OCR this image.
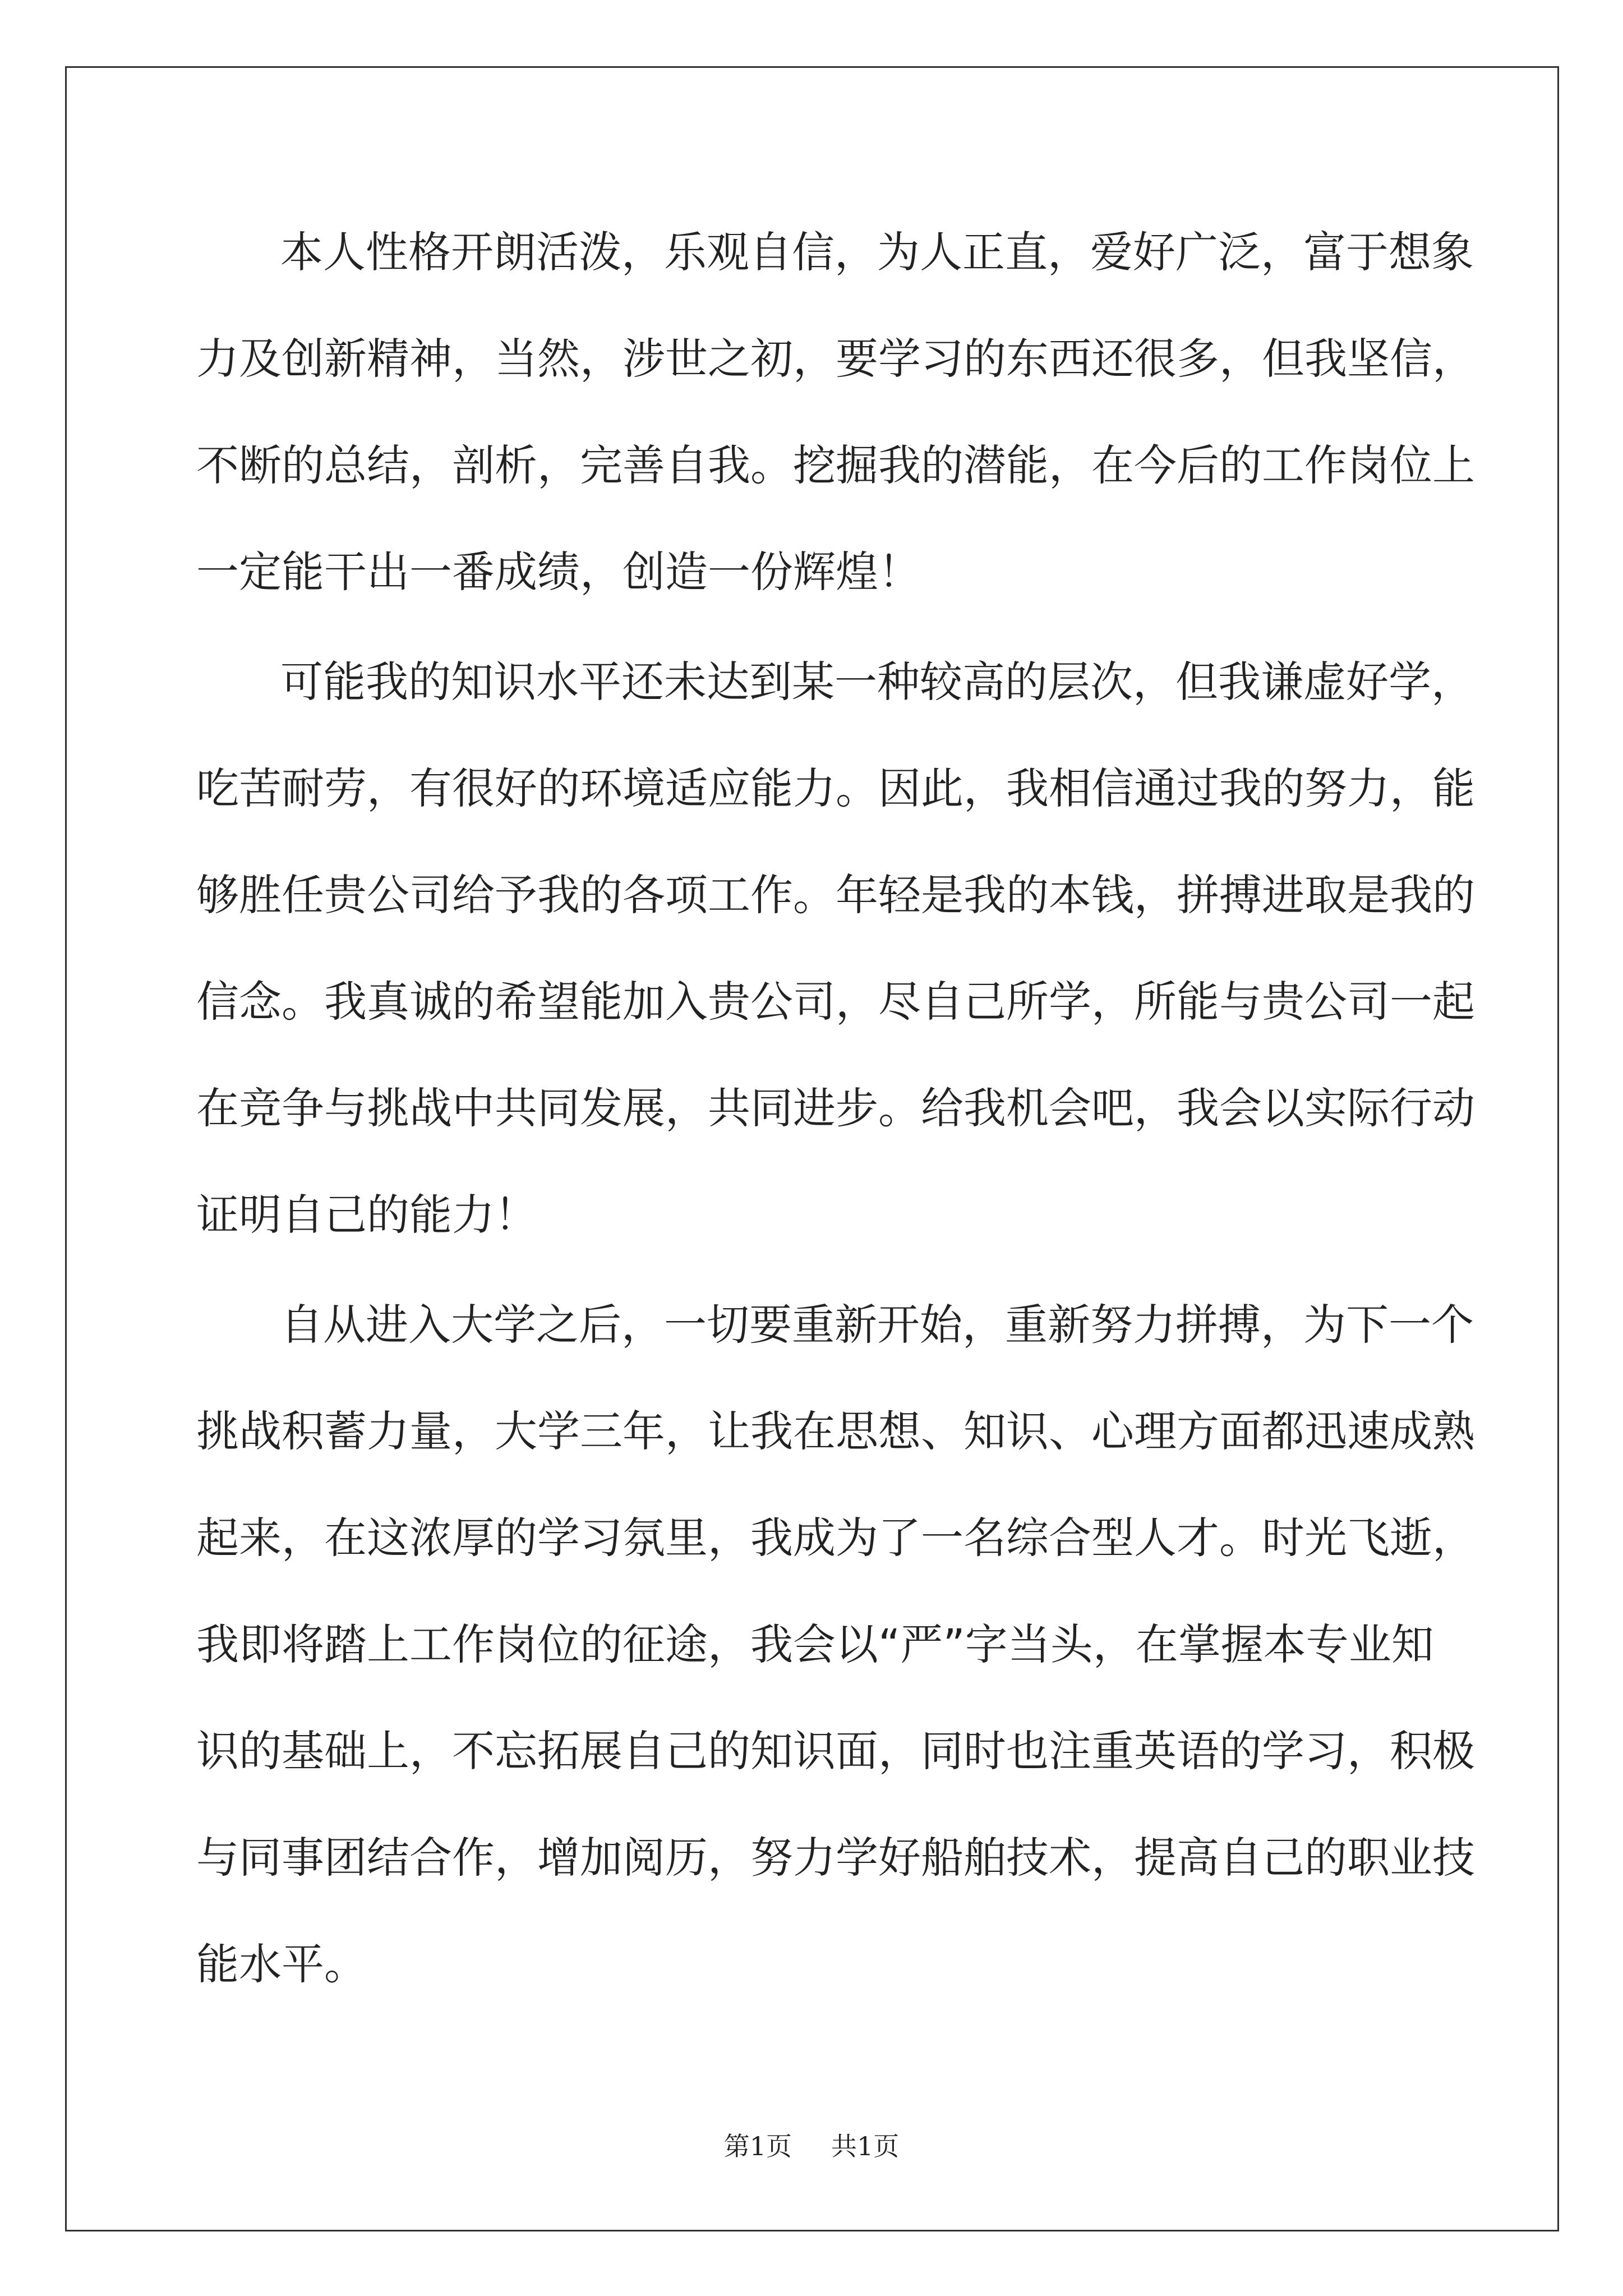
本人性格开朗活泼，乐观自信，为人正直，爱好广泛，富于想象
力及创新精神，当然，涉世之初，要学习的东西还很多，但我坚信，
不断的总结，剖析，完善自我。挖掘我的潜能，在今后的工作岗位上
一定能干出一番成绩，创造一份辉煌！
可能我的知识水平还未达到某一种较高的层次，但我谦虚好学，
吃苦耐劳，有很好的环境适应能力。因此，我相信通过我的努力，能
够胜任贵公司给予我的各项工作。年轻是我的本钱，拼搏进取是我的
信念。我真诚的希望能加入贵公司，尽自己所学，所能与贵公司一起
在竞争与挑战中共同发展，共同进步。给我机会吧，我会以实际行动
证明自己的能力！
自从进入大学之后，一切要重新开始，重新努力拼搏，为下一个
挑战积蓄力量，大学三年，让我在思想、知识、心理方面都迅速成熟
起来，在这浓厚的学习氛里，我成为了一名综合型人才。时光飞逝，
我即将踏上工作岗位的征途，我会以“严”字当头，在掌握本专业知
识的基础上，不忘拓展自己的知识面，同时也注重英语的学习，积极
与同事团结合作，增加阅历，努力学好船舶技术，提高自己的职业技
能水平。
第1页 共1页
